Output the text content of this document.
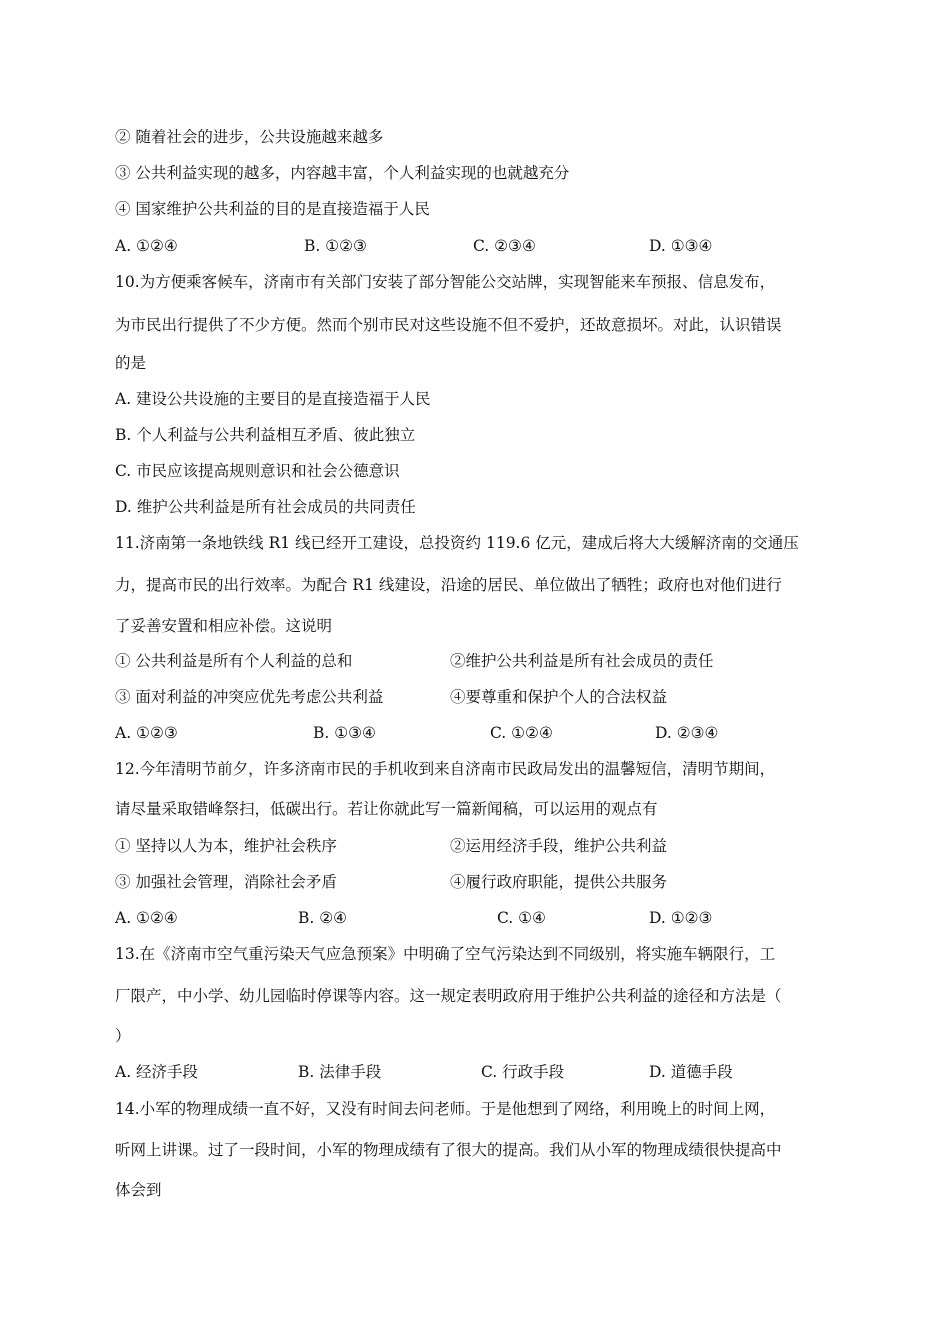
② 随着社会的进步，公共设施越来越多
③ 公共利益实现的越多，内容越丰富，个人利益实现的也就越充分
④ 国家维护公共利益的目的是直接造福于人民
A. ①②④	B. ①②③	C. ②③④	D. ①③④
10.为方便乘客候车，济南市有关部门安装了部分智能公交站牌，实现智能来车预报、信息发布，
为市民出行提供了不少方便。然而个别市民对这些设施不但不爱护，还故意损坏。对此，认识错误
的是
A. 建设公共设施的主要目的是直接造福于人民
B. 个人利益与公共利益相互矛盾、彼此独立
C. 市民应该提高规则意识和社会公德意识
D. 维护公共利益是所有社会成员的共同责任
11.济南第一条地铁线 R1 线已经开工建设，总投资约 119.6 亿元，建成后将大大缓解济南的交通压
力，提高市民的出行效率。为配合 R1 线建设，沿途的居民、单位做出了牺牲；政府也对他们进行
了妥善安置和相应补偿。这说明
① 公共利益是所有个人利益的总和	②维护公共利益是所有社会成员的责任
③ 面对利益的冲突应优先考虑公共利益	④要尊重和保护个人的合法权益
A. ①②③	B. ①③④	C. ①②④	D. ②③④
12.今年清明节前夕，许多济南市民的手机收到来自济南市民政局发出的温馨短信，清明节期间，
请尽量采取错峰祭扫，低碳出行。若让你就此写一篇新闻稿，可以运用的观点有
① 坚持以人为本，维护社会秩序	②运用经济手段，维护公共利益
③ 加强社会管理，消除社会矛盾	④履行政府职能，提供公共服务
A. ①②④	B. ②④	C. ①④	D. ①②③
13.在《济南市空气重污染天气应急预案》中明确了空气污染达到不同级别，将实施车辆限行，工
厂限产，中小学、幼儿园临时停课等内容。这一规定表明政府用于维护公共利益的途径和方法是（
）
A. 经济手段	B. 法律手段	C. 行政手段	D. 道德手段
14.小军的物理成绩一直不好，又没有时间去问老师。于是他想到了网络，利用晚上的时间上网，
听网上讲课。过了一段时间，小军的物理成绩有了很大的提高。我们从小军的物理成绩很快提高中
体会到
